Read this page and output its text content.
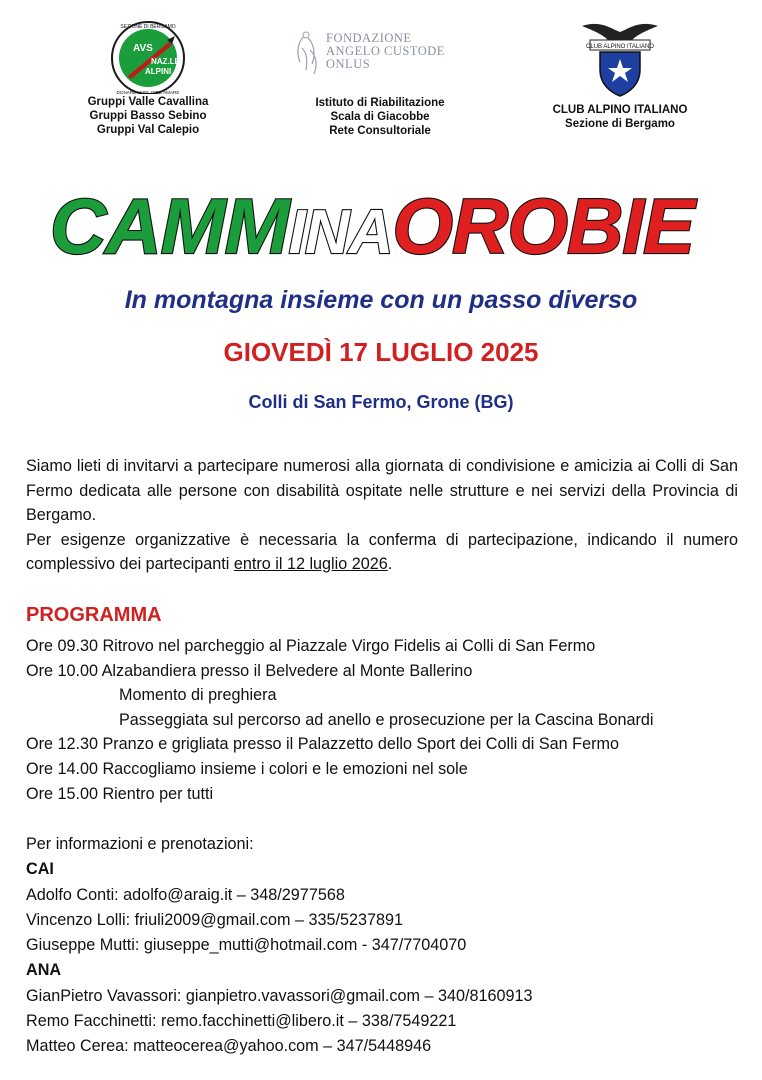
SEZIONE DI BERGAMO
DONARE VUOL DIRE AMARE
AVS
NAZ.LE
ALPINI
Gruppi Valle Cavallina
Gruppi Basso Sebino
Gruppi Val Calepio
FONDAZIONE
ANGELO CUSTODE
ONLUS
Istituto di Riabilitazione
Scala di Giacobbe
Rete Consultoriale
CLUB ALPINO ITALIANO
CLUB ALPINO ITALIANO
Sezione di Bergamo
CAMMINAOROBIE
In montagna insieme con un passo diverso
GIOVEDÌ 17 LUGLIO 2025
Colli di San Fermo, Grone (BG)

Siamo lieti di invitarvi a partecipare numerosi alla giornata di condivisione e amicizia ai Colli di San Fermo dedicata alle persone con disabilità ospitate nelle strutture e nei servizi della Provincia di Bergamo.

Per esigenze organizzative è necessaria la conferma di partecipazione, indicando il numero complessivo dei partecipanti entro il 12 luglio 2026.

PROGRAMMA
Ore 09.30 Ritrovo nel parcheggio al Piazzale Virgo Fidelis ai Colli di San Fermo
Ore 10.00 Alzabandiera presso il Belvedere al Monte Ballerino
Momento di preghiera
Passeggiata sul percorso ad anello e prosecuzione per la Cascina Bonardi
Ore 12.30 Pranzo e grigliata presso il Palazzetto dello Sport dei Colli di San Fermo
Ore 14.00 Raccogliamo insieme i colori e le emozioni nel sole
Ore 15.00 Rientro per tutti
Per informazioni e prenotazioni:
CAI
Adolfo Conti: adolfo@araig.it – 348/2977568
Vincenzo Lolli: friuli2009@gmail.com – 335/5237891
Giuseppe Mutti: giuseppe_mutti@hotmail.com - 347/7704070
ANA
GianPietro Vavassori: gianpietro.vavassori@gmail.com – 340/8160913
Remo Facchinetti: remo.facchinetti@libero.it – 338/7549221
Matteo Cerea: matteocerea@yahoo.com – 347/5448946
